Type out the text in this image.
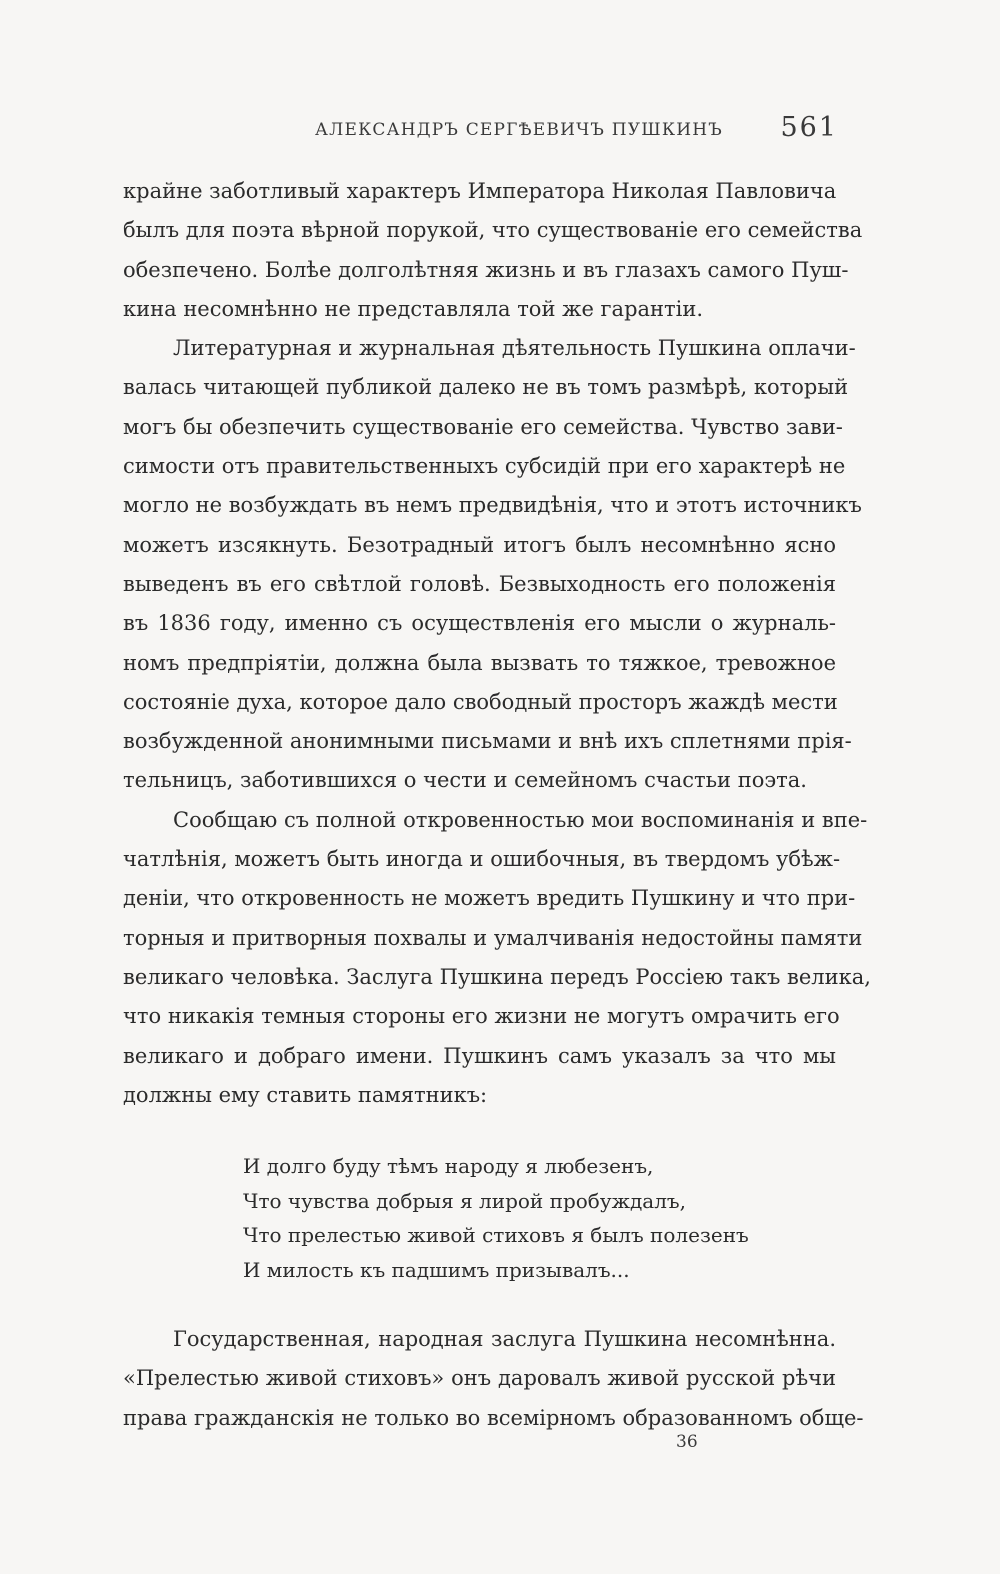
АЛЕКСАНДРЪ СЕРГѢЕВИЧЪ ПУШКИНЪ 561
крайне заботливый характеръ Императора Николая Павловича
былъ для поэта вѣрной порукой, что существованіе его семейства
обезпечено. Болѣе долголѣтняя жизнь и въ глазахъ самого Пуш-
кина несомнѣнно не представляла той же гарантіи.
Литературная и журнальная дѣятельность Пушкина оплачи-
валась читающей публикой далеко не въ томъ размѣрѣ, который
могъ бы обезпечить существованіе его семейства. Чувство зави-
симости отъ правительственныхъ субсидій при его характерѣ не
могло не возбуждать въ немъ предвидѣнія, что и этотъ источникъ
можетъ изсякнуть. Безотрадный итогъ былъ несомнѣнно ясно
выведенъ въ его свѣтлой головѣ. Безвыходность его положенія
въ 1836 году, именно съ осуществленія его мысли о журналь-
номъ предпріятіи, должна была вызвать то тяжкое, тревожное
состояніе духа, которое дало свободный просторъ жаждѣ мести
возбужденной анонимными письмами и внѣ ихъ сплетнями прія-
тельницъ, заботившихся о чести и семейномъ счастьи поэта.
Сообщаю съ полной откровенностью мои воспоминанія и впе-
чатлѣнія, можетъ быть иногда и ошибочныя, въ твердомъ убѣж-
деніи, что откровенность не можетъ вредить Пушкину и что при-
торныя и притворныя похвалы и умалчиванія недостойны памяти
великаго человѣка. Заслуга Пушкина передъ Россіею такъ велика,
что никакія темныя стороны его жизни не могутъ омрачить его
великаго и добраго имени. Пушкинъ самъ указалъ за что мы
должны ему ставить памятникъ:
И долго буду тѣмъ народу я любезенъ,
Что чувства добрыя я лирой пробуждалъ,
Что прелестью живой стиховъ я былъ полезенъ
И милость къ падшимъ призывалъ...
Государственная, народная заслуга Пушкина несомнѣнна.
«Прелестью живой стиховъ» онъ даровалъ живой русской рѣчи
права гражданскія не только во всемірномъ образованномъ обще-
36
